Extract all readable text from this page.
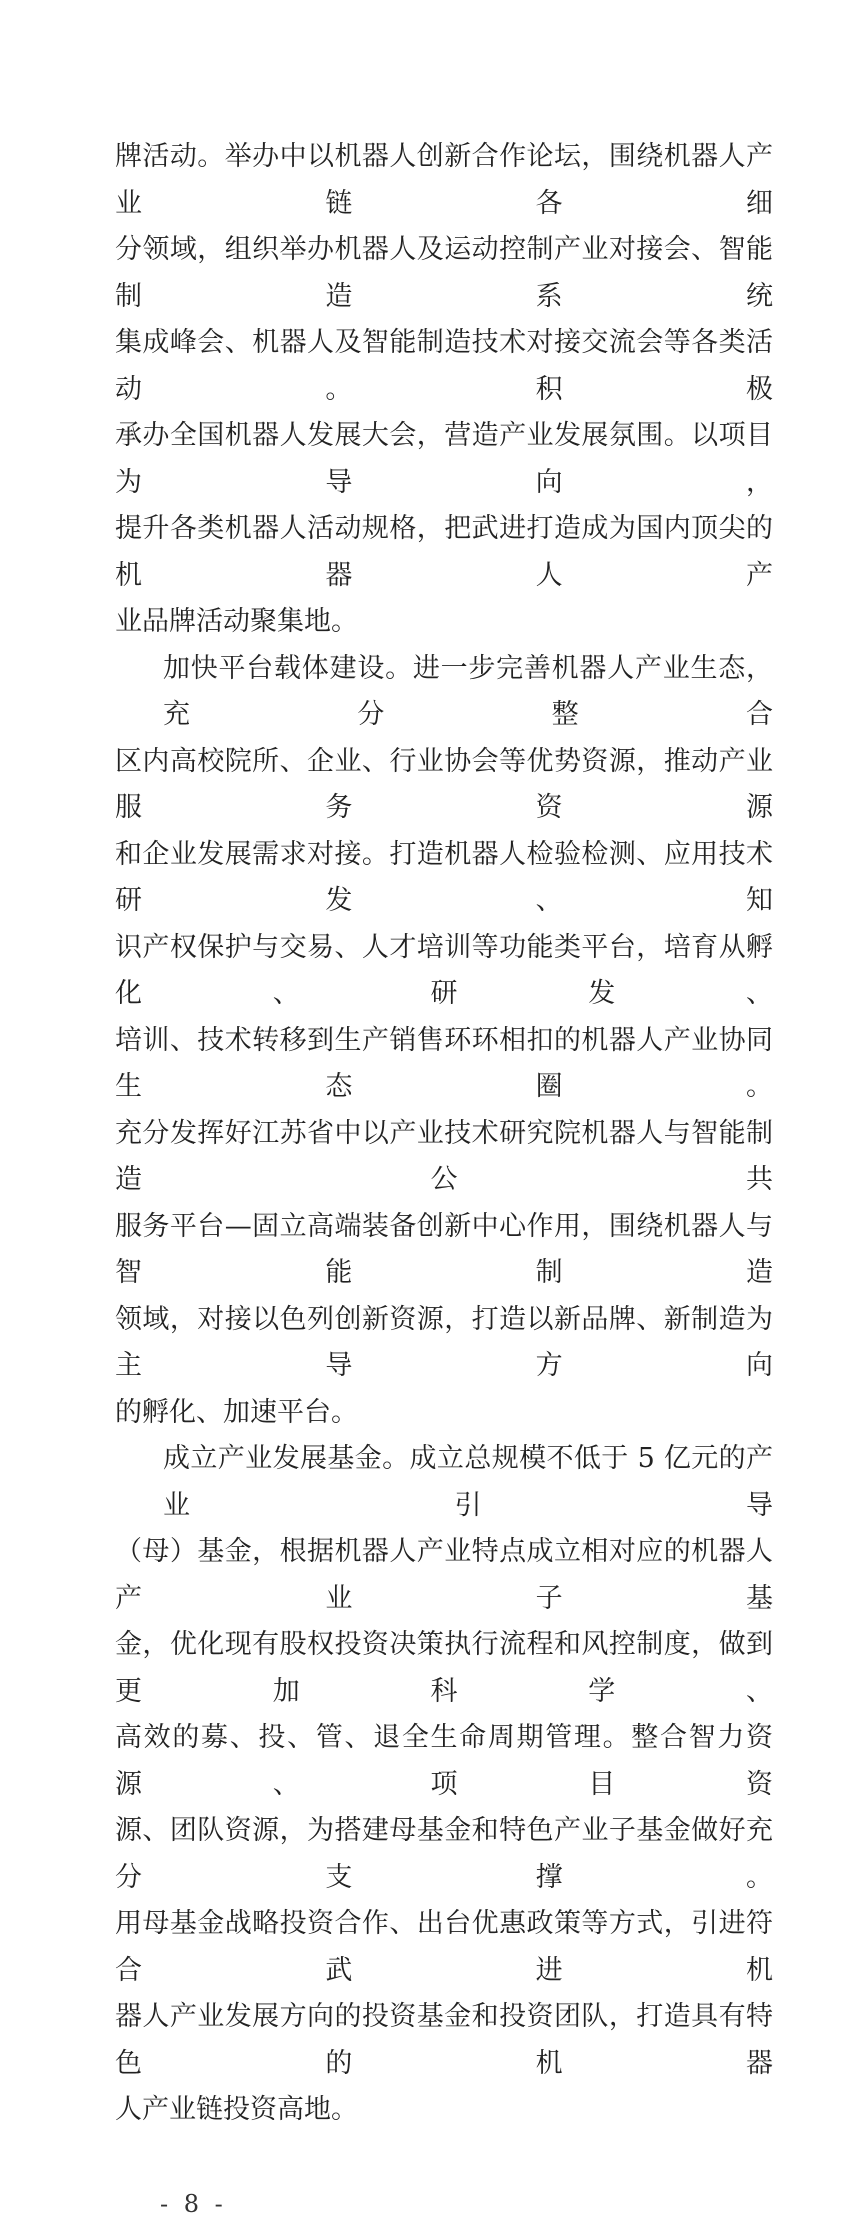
牌活动。举办中以机器人创新合作论坛，围绕机器人产业链各细
分领域，组织举办机器人及运动控制产业对接会、智能制造系统
集成峰会、机器人及智能制造技术对接交流会等各类活动。积极
承办全国机器人发展大会，营造产业发展氛围。以项目为导向，
提升各类机器人活动规格，把武进打造成为国内顶尖的机器人产
业品牌活动聚集地。
加快平台载体建设。进一步完善机器人产业生态，充分整合
区内高校院所、企业、行业协会等优势资源，推动产业服务资源
和企业发展需求对接。打造机器人检验检测、应用技术研发、知
识产权保护与交易、人才培训等功能类平台，培育从孵化、研发、
培训、技术转移到生产销售环环相扣的机器人产业协同生态圈。
充分发挥好江苏省中以产业技术研究院机器人与智能制造公共
服务平台—固立高端装备创新中心作用，围绕机器人与智能制造
领域，对接以色列创新资源，打造以新品牌、新制造为主导方向
的孵化、加速平台。
成立产业发展基金。成立总规模不低于 5 亿元的产业引导
（母）基金，根据机器人产业特点成立相对应的机器人产业子基
金，优化现有股权投资决策执行流程和风控制度，做到更加科学、
高效的募、投、管、退全生命周期管理。整合智力资源、项目资
源、团队资源，为搭建母基金和特色产业子基金做好充分支撑。
用母基金战略投资合作、出台优惠政策等方式，引进符合武进机
器人产业发展方向的投资基金和投资团队，打造具有特色的机器
人产业链投资高地。
- 8 -
